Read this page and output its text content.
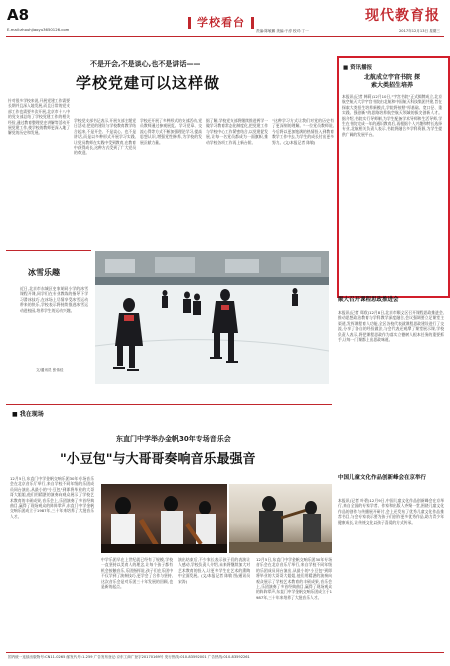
A8
E-mail:zhouhjiaoyu3650126.com
学校看台	现代教育报
责编:陈敏鹏 美编:于淳 校对:丁一	2017年12月13日 星期三
不是开会,不是谈心,也不是讲话——
学校党建可以这样做
针对很多学校来说,开展党建工作需要长期并且深入地发展,而且日常的党支部工作也需要多次开展,北京市十八中的党支部总结了学校党建工作的相关经验,通过教育整理党史讲解等活动开展党建工作,使学校的教师更深入地了解党的历史和发展。
学校党支部书记表示,开展支部主题党日活动,把党的建设与学校教育教学结合起来,不是开会、不是谈心、也不是讲话,而是以多种形式开展学习实践,让党员教师在实践中受到教育,在教育中获得成长,这种方式受到了广大党员的欢迎。
学校还开展了多种形式的支部活动,党员教师通过参观展览、学习党章、交流心得等方式不断加强理论学习,提高思想认识,增强党性修养,为学校的发展贡献力量。
据了解,学校党支部将继续推进两学一做学习教育常态化制度化,把党建工作与学校中心工作紧密结合,以党建促发展,让每一名党员都成为一面旗帜,推动学校各项工作再上新台阶。
"这种学习方式让我们对党的历史有了更深刻的理解。"一位党员教师说,今后将以更加饱满的热情投入到教育教学工作中去,为学生的成长付出更多努力。(文/本报记者 陈敏)
■ 资讯播报
北航成立宇宫书院 探索大类招生培养
本报讯(记者 韩莉)12月10日,"宇宫书院"正式揭牌成立,北京航空航天大学宇宫书院由北航和中国航天科技集团共建,旨在探索大类招生培养新模式,学院将按照"厚基础、宽口径、重实践、强创新"的思路培养航空航天领域的拔尖创新人才。据介绍,书院实行导师制,为学生配备学术导师和生活导师,学生在书院完成一年的通识教育后,再根据个人兴趣和特长选择专业,北航相关负责人表示,书院将融合多学科资源,为学生提供广阔的发展平台。
冰雪乐趣
近日,北京市东城区史家胡同小学的冰雪课程开课,同学们在专业教练的指导下学习滑冰技巧,在冰场上尽情享受冰雪运动带来的快乐,学校表示将持续推进冰雪运动进校园,培养学生的运动兴趣。
文/通讯员 张伟佳
顺大召开课程思政推进会
本报讯(记者 郑欣)12月8日,北京市顺义区召开课程思政推进会,推动思想政治教育与学科教学深度融合,会议强调要立足课堂主渠道,发挥课程育人功能,全区各校代表就课程思政建设进行了交流,分享了各自的经验做法,与会代表还观摩了课堂展示课,学校负责人表示,将把课程思政作为落实立德树人根本任务的重要抓手,让每一门课都上出思政味道。
中国儿童文化作品创新峰会在京举行
本报讯(记者 叶碧)12月9日,中国儿童文化作品创新峰会在京举行,来自全国的专家学者、作家和出版人齐聚一堂,围绕儿童文化作品的创作与传播展开研讨,会上还发布了优秀儿童文化作品推荐书目,与会专家表示要为孩子们创作更多优秀作品,助力青少年健康成长,让传统文化以孩子喜爱的方式传承。
■ 我在现场
东直门中学举办金帆30年专场音乐会
"小豆包"与大哥哥奏响音乐最强音
12月5日,东直门中学金帆交响乐团30年专场音乐会在北京音乐厅举行,来自学校不同年级的乐团成员同台演出,从最小的"小豆包"到即将毕业的大哥哥大姐姐,他们用精湛的演奏向观众展示了学校艺术教育的丰硕成果,音乐会上,乐团演奏了多首经典曲目,赢得了现场观众的阵阵掌声,东直门中学金帆交响乐团成立于1987年,三十年来培养了大批音乐人才。
中学乐团早在上世纪就已经有了规模,学校一直坚持以美育人的理念,让每个孩子都有机会接触音乐,乐团指挥说,孩子们在乐团中不仅学到了演奏技巧,更学会了合作与坚持,这次音乐会是对乐团三十年发展的回顾,也是新的起点。
演出结束后,不少家长表示孩子们的表演让人感动,学校负责人介绍,未来将继续加大对艺术教育的投入,让更多学生在艺术的熏陶中全面发展。(文/本报记者 陈敏 图/通讯员 宋涛)
12月5日,东直门中学金帆交响乐团30年专场音乐会在北京音乐厅举行,来自学校不同年级的乐团成员同台演出,从最小的"小豆包"到即将毕业的大哥哥大姐姐,他们用精湛的演奏向观众展示了学校艺术教育的丰硕成果,音乐会上,乐团演奏了多首经典曲目,赢得了现场观众的阵阵掌声,东直门中学金帆交响乐团成立于1987年,三十年来培养了大批音乐人才。
国内统一连续出版物号:CN11-0265 邮发代号:1-259 广告发布登记:京东工商广登字20170169号 发行热线:010-83592001 广告热线:010-83592261
